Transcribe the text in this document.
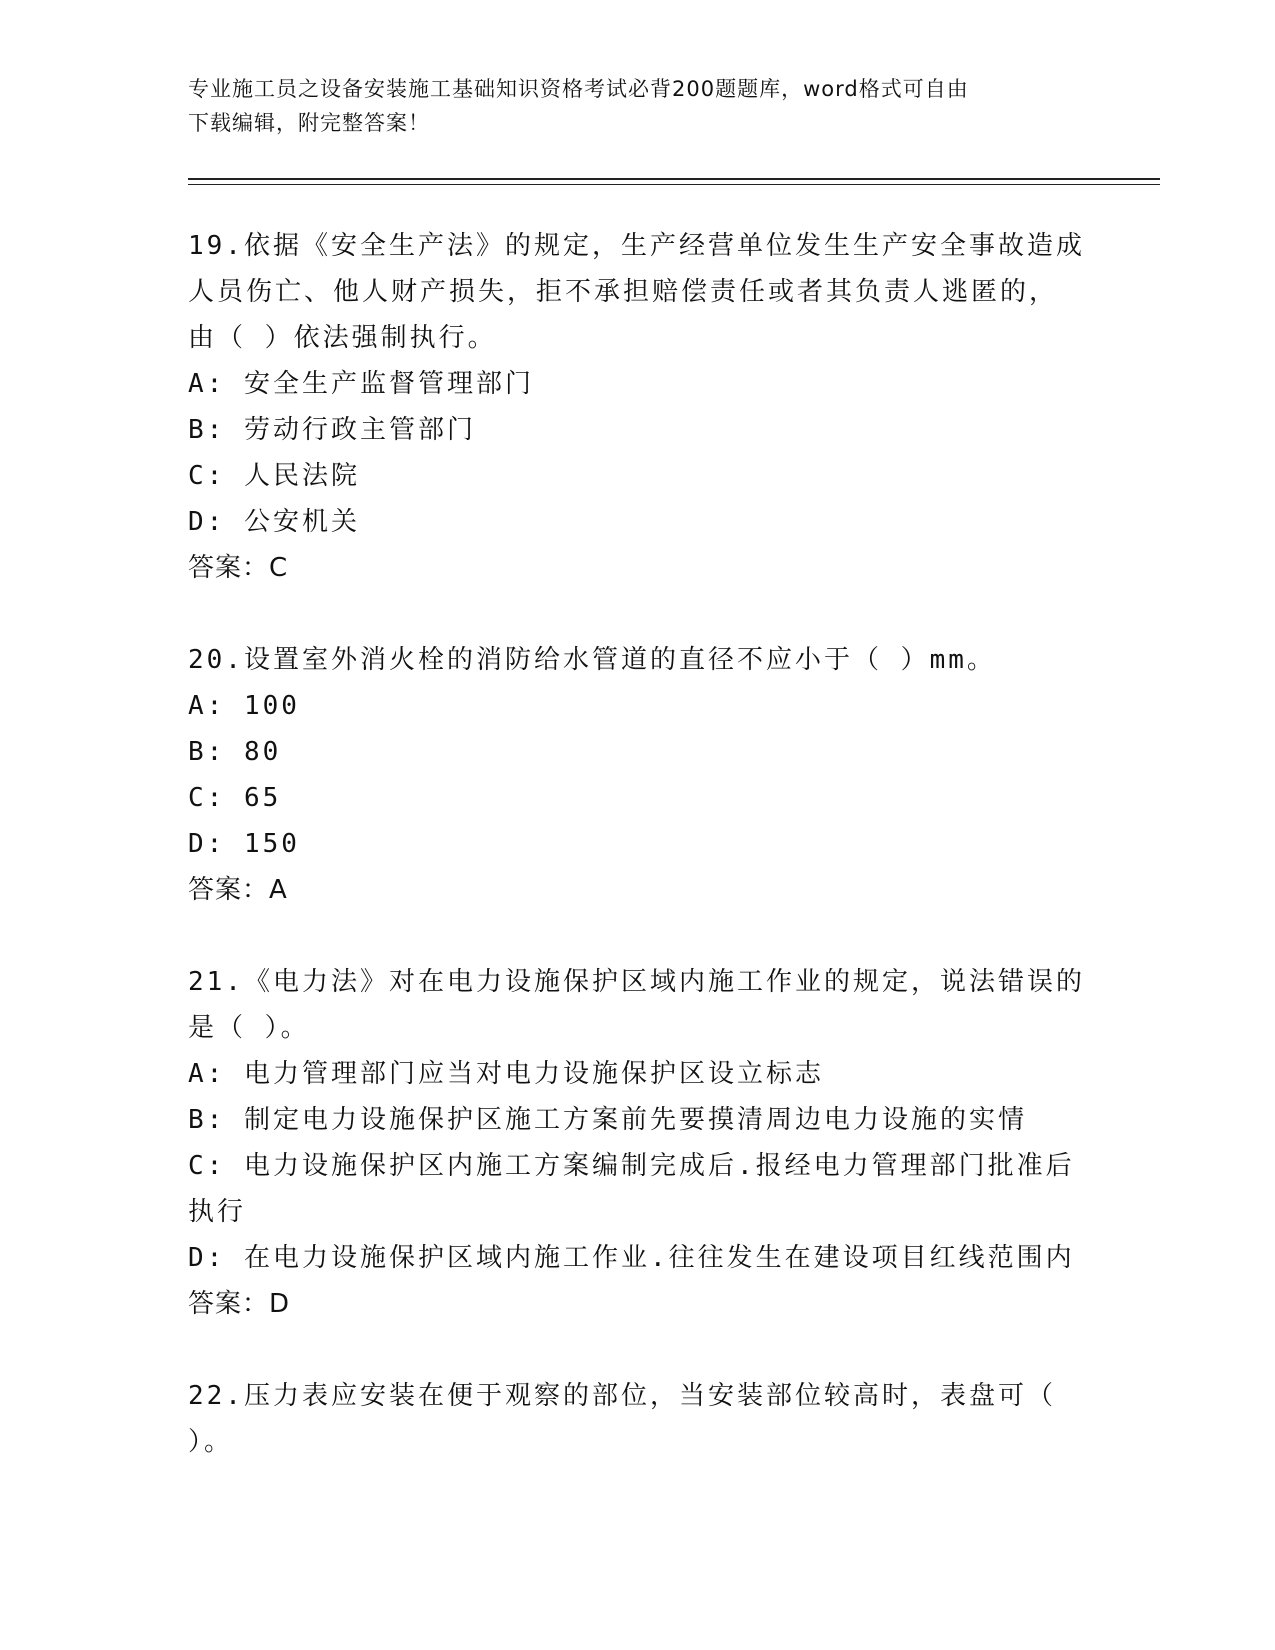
专业施工员之设备安装施工基础知识资格考试必背200题题库，word格式可自由
下载编辑，附完整答案！
19.依据《安全生产法》的规定，生产经营单位发生生产安全事故造成
人员伤亡、他人财产损失，拒不承担赔偿责任或者其负责人逃匿的，
由（ ）依法强制执行。
A: 安全生产监督管理部门
B: 劳动行政主管部门
C: 人民法院
D: 公安机关
答案：C
20.设置室外消火栓的消防给水管道的直径不应小于（ ）mm。
A: 100
B: 80
C: 65
D: 150
答案：A
21.《电力法》对在电力设施保护区域内施工作业的规定，说法错误的
是（ ）。
A: 电力管理部门应当对电力设施保护区设立标志
B: 制定电力设施保护区施工方案前先要摸清周边电力设施的实情
C: 电力设施保护区内施工方案编制完成后.报经电力管理部门批准后
执行
D: 在电力设施保护区域内施工作业.往往发生在建设项目红线范围内
答案：D
22.压力表应安装在便于观察的部位，当安装部位较高时，表盘可（
）。
